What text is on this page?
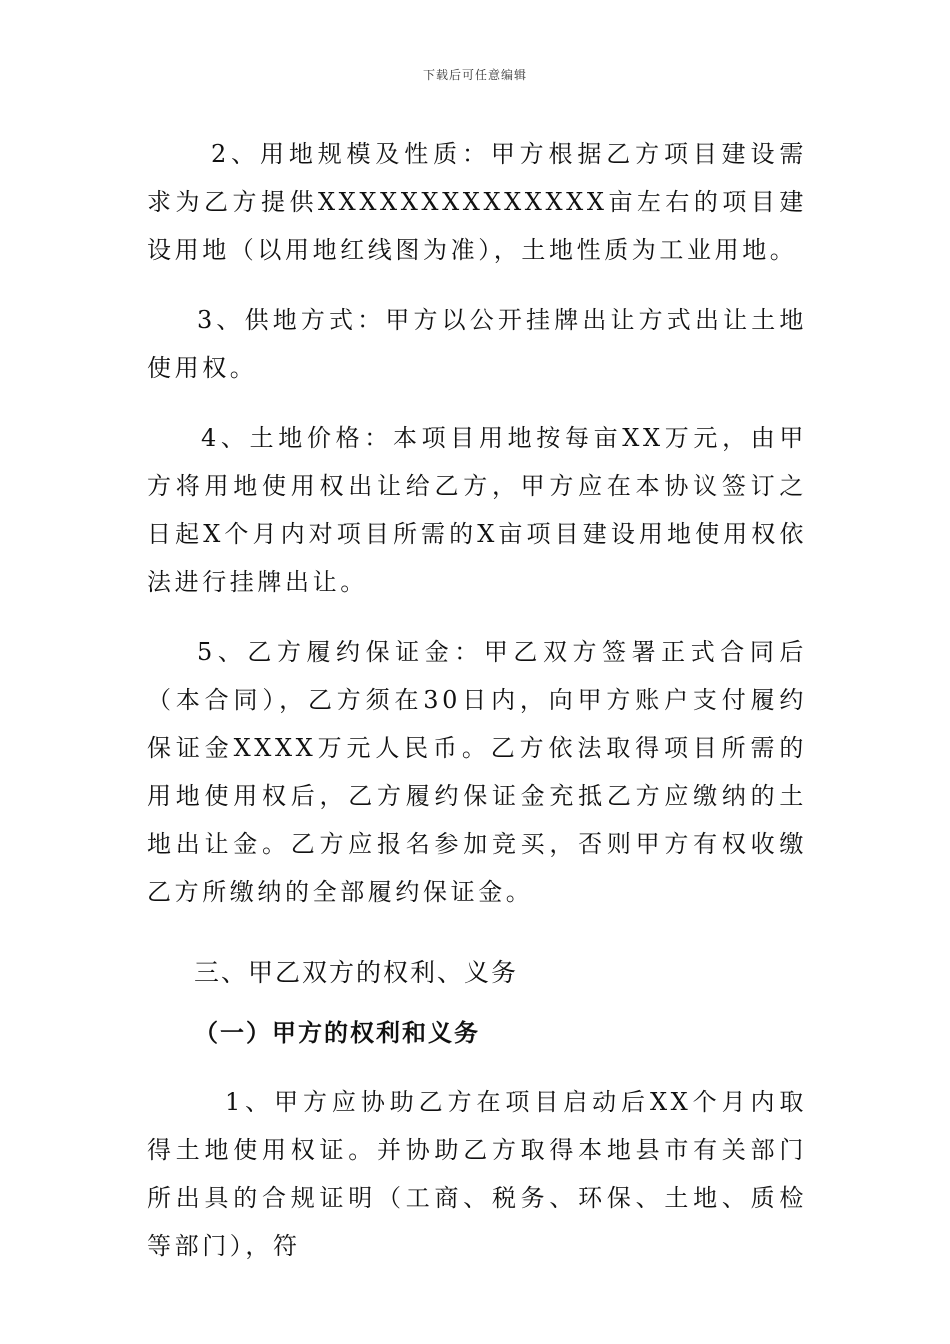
下载后可任意编辑

2、用地规模及性质：甲方根据乙方项目建设需求为乙方提供XXXXXXXXXXXXXX亩左右的项目建设用地（以用地红线图为准），土地性质为工业用地。

3、供地方式：甲方以公开挂牌出让方式出让土地使用权。

4、土地价格：本项目用地按每亩XX万元，由甲方将用地使用权出让给乙方，甲方应在本协议签订之日起X个月内对项目所需的X亩项目建设用地使用权依法进行挂牌出让。

5、乙方履约保证金：甲乙双方签署正式合同后（本合同），乙方须在30日内，向甲方账户支付履约保证金XXXX万元人民币。乙方依法取得项目所需的用地使用权后，乙方履约保证金充抵乙方应缴纳的土地出让金。乙方应报名参加竞买，否则甲方有权收缴乙方所缴纳的全部履约保证金。

三、甲乙双方的权利、义务
（一）甲方的权利和义务

1、甲方应协助乙方在项目启动后XX个月内取得土地使用权证。并协助乙方取得本地县市有关部门所出具的合规证明（工商、税务、环保、土地、质检等部门），符
